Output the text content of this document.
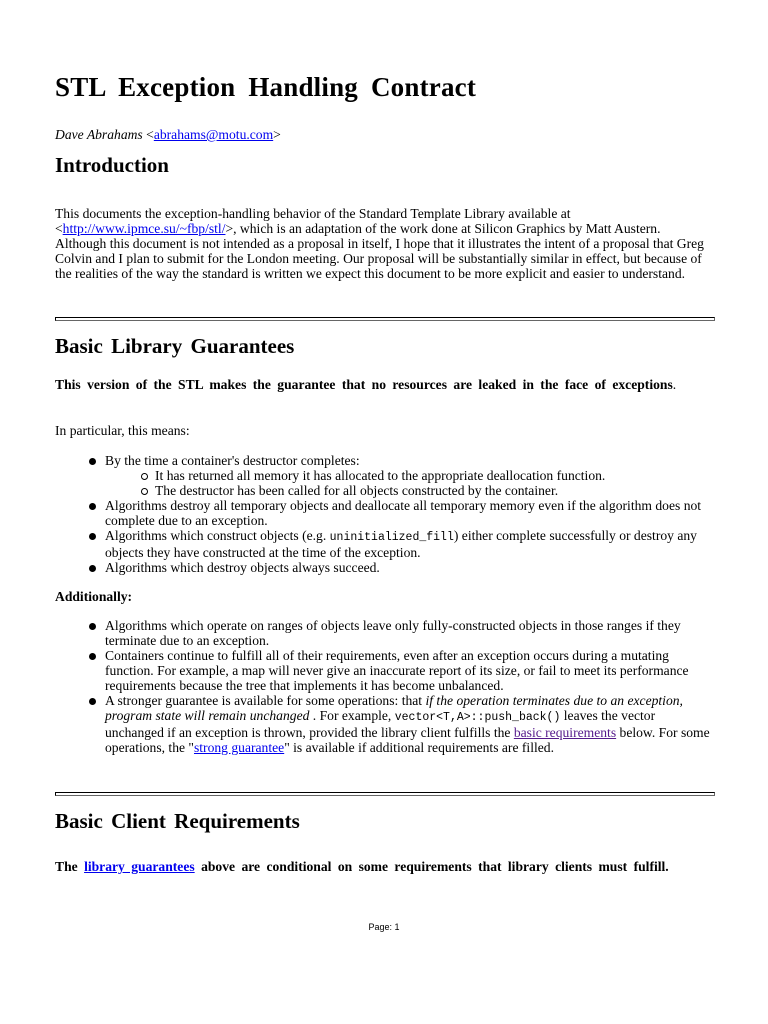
STL Exception Handling Contract
Dave Abrahams <abrahams@motu.com>
Introduction

This documents the exception-handling behavior of the Standard Template Library available at <http://www.ipmce.su/~fbp/stl/>, which is an adaptation of the work done at Silicon Graphics by Matt Austern. Although this document is not intended as a proposal in itself, I hope that it illustrates the intent of a proposal that Greg Colvin and I plan to submit for the London meeting. Our proposal will be substantially similar in effect, but because of the realities of the way the standard is written we expect this document to be more explicit and easier to understand.

Basic Library Guarantees

This version of the STL makes the guarantee that no resources are leaked in the face of exceptions.

In particular, this means:

By the time a container's destructor completes:
It has returned all memory it has allocated to the appropriate deallocation function.
The destructor has been called for all objects constructed by the container.
Algorithms destroy all temporary objects and deallocate all temporary memory even if the algorithm does not complete due to an exception.
Algorithms which construct objects (e.g. uninitialized_fill) either complete successfully or destroy any objects they have constructed at the time of the exception.
Algorithms which destroy objects always succeed.

Additionally:

Algorithms which operate on ranges of objects leave only fully-constructed objects in those ranges if they terminate due to an exception.
Containers continue to fulfill all of their requirements, even after an exception occurs during a mutating function. For example, a map will never give an inaccurate report of its size, or fail to meet its performance requirements because the tree that implements it has become unbalanced.
A stronger guarantee is available for some operations: that if the operation terminates due to an exception, program state will remain unchanged . For example, vector<T,A>::push_back() leaves the vector unchanged if an exception is thrown, provided the library client fulfills the basic requirements below. For some operations, the "strong guarantee" is available if additional requirements are filled.
Basic Client Requirements

The library guarantees above are conditional on some requirements that library clients must fulfill.

Page: 1
